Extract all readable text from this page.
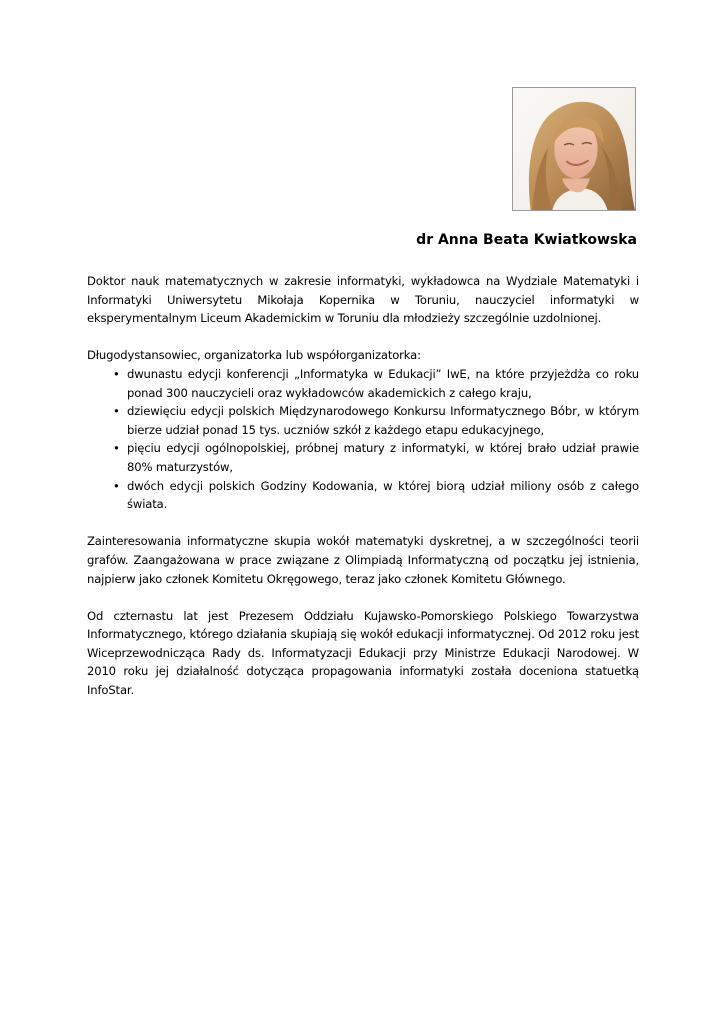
dr Anna Beata Kwiatkowska

Doktor nauk matematycznych w zakresie informatyki, wykładowca na Wydziale Matematyki i Informatyki Uniwersytetu Mikołaja Kopernika w Toruniu, nauczyciel informatyki w eksperymentalnym Liceum Akademickim w Toruniu dla młodzieży szczególnie uzdolnionej.

Długodystansowiec, organizatorka lub współorganizatorka:

• dwunastu edycji konferencji „Informatyka w Edukacji” IwE, na które przyjeżdża co roku ponad 300 nauczycieli oraz wykładowców akademickich z całego kraju,
• dziewięciu edycji polskich Międzynarodowego Konkursu Informatycznego Bóbr, w którym bierze udział ponad 15 tys. uczniów szkół z każdego etapu edukacyjnego,
• pięciu edycji ogólnopolskiej, próbnej matury z informatyki, w której brało udział prawie 80% maturzystów,
• dwóch edycji polskich Godziny Kodowania, w której biorą udział miliony osób z całego świata.

Zainteresowania informatyczne skupia wokół matematyki dyskretnej, a w szczególności teorii grafów. Zaangażowana w prace związane z Olimpiadą Informatyczną od początku jej istnienia, najpierw jako członek Komitetu Okręgowego, teraz jako członek Komitetu Głównego.

Od czternastu lat jest Prezesem Oddziału Kujawsko-Pomorskiego Polskiego Towarzystwa Informatycznego, którego działania skupiają się wokół edukacji informatycznej. Od 2012 roku jest Wiceprzewodnicząca Rady ds. Informatyzacji Edukacji przy Ministrze Edukacji Narodowej. W 2010 roku jej działalność dotycząca propagowania informatyki została doceniona statuetką InfoStar.
